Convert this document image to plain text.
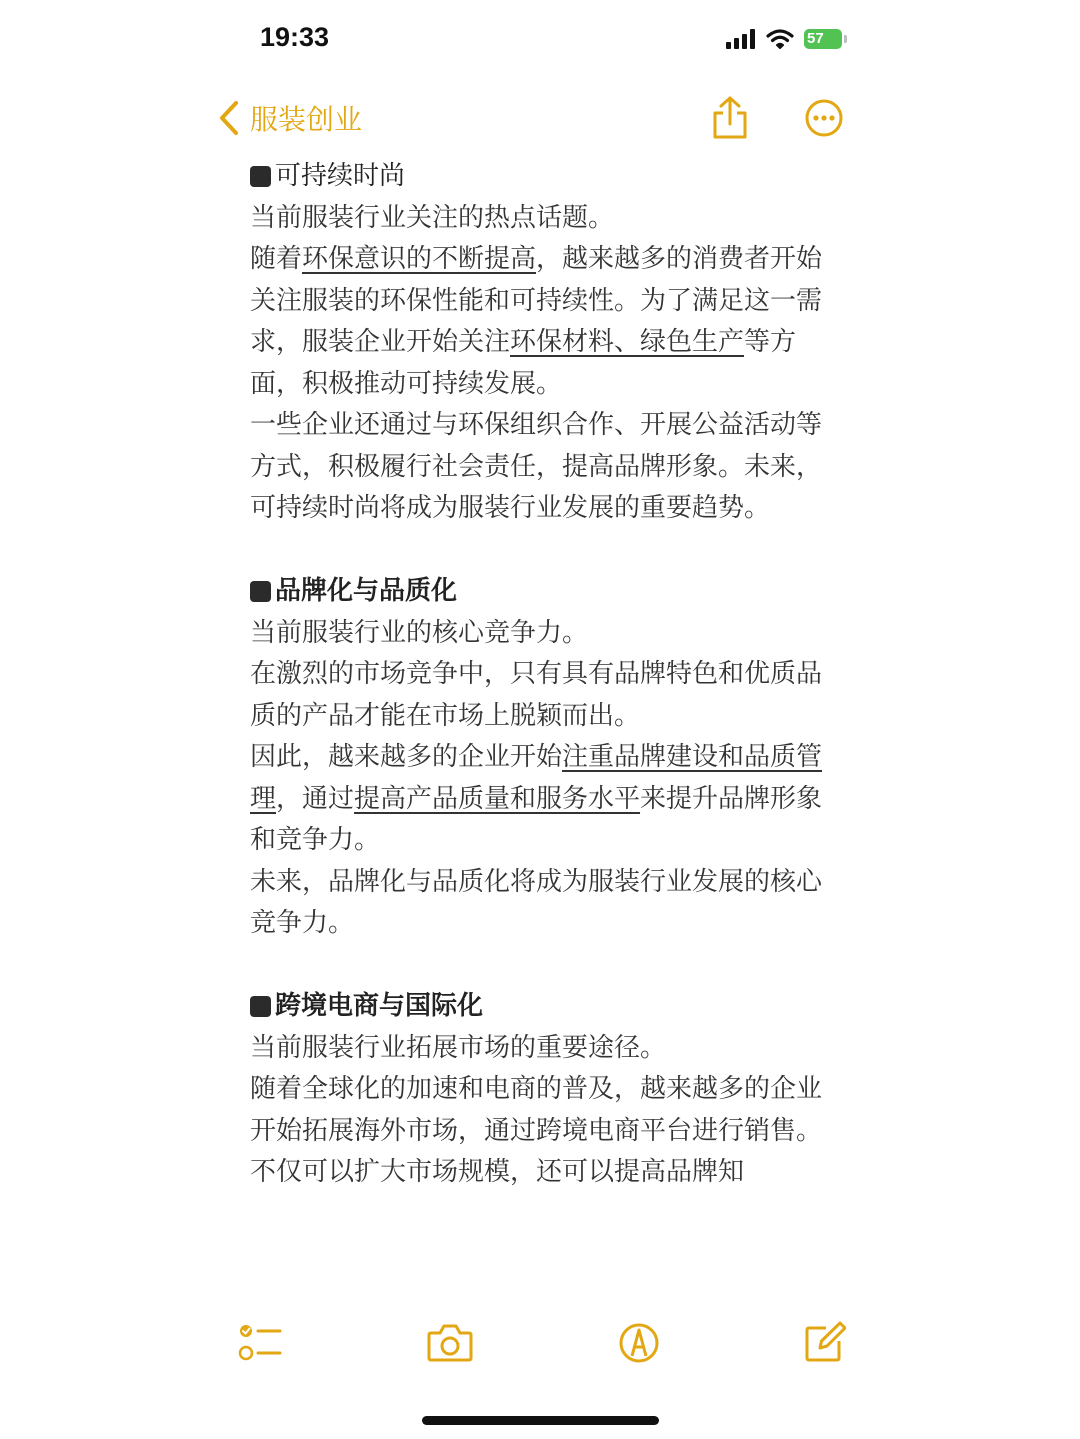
19:33	57
服装创业
可持续时尚

当前服装行业关注的热点话题。

随着环保意识的不断提高，越来越多的消费者开始关注服装的环保性能和可持续性。为了满足这一需求，服装企业开始关注环保材料、绿色生产等方面，积极推动可持续发展。

一些企业还通过与环保组织合作、开展公益活动等方式，积极履行社会责任，提高品牌形象。未来，可持续时尚将成为服装行业发展的重要趋势。

品牌化与品质化

当前服装行业的核心竞争力。

在激烈的市场竞争中，只有具有品牌特色和优质品质的产品才能在市场上脱颖而出。

因此，越来越多的企业开始注重品牌建设和品质管理，通过提高产品质量和服务水平来提升品牌形象和竞争力。

未来，品牌化与品质化将成为服装行业发展的核心竞争力。

跨境电商与国际化

当前服装行业拓展市场的重要途径。

随着全球化的加速和电商的普及，越来越多的企业开始拓展海外市场，通过跨境电商平台进行销售。

不仅可以扩大市场规模，还可以提高品牌知
